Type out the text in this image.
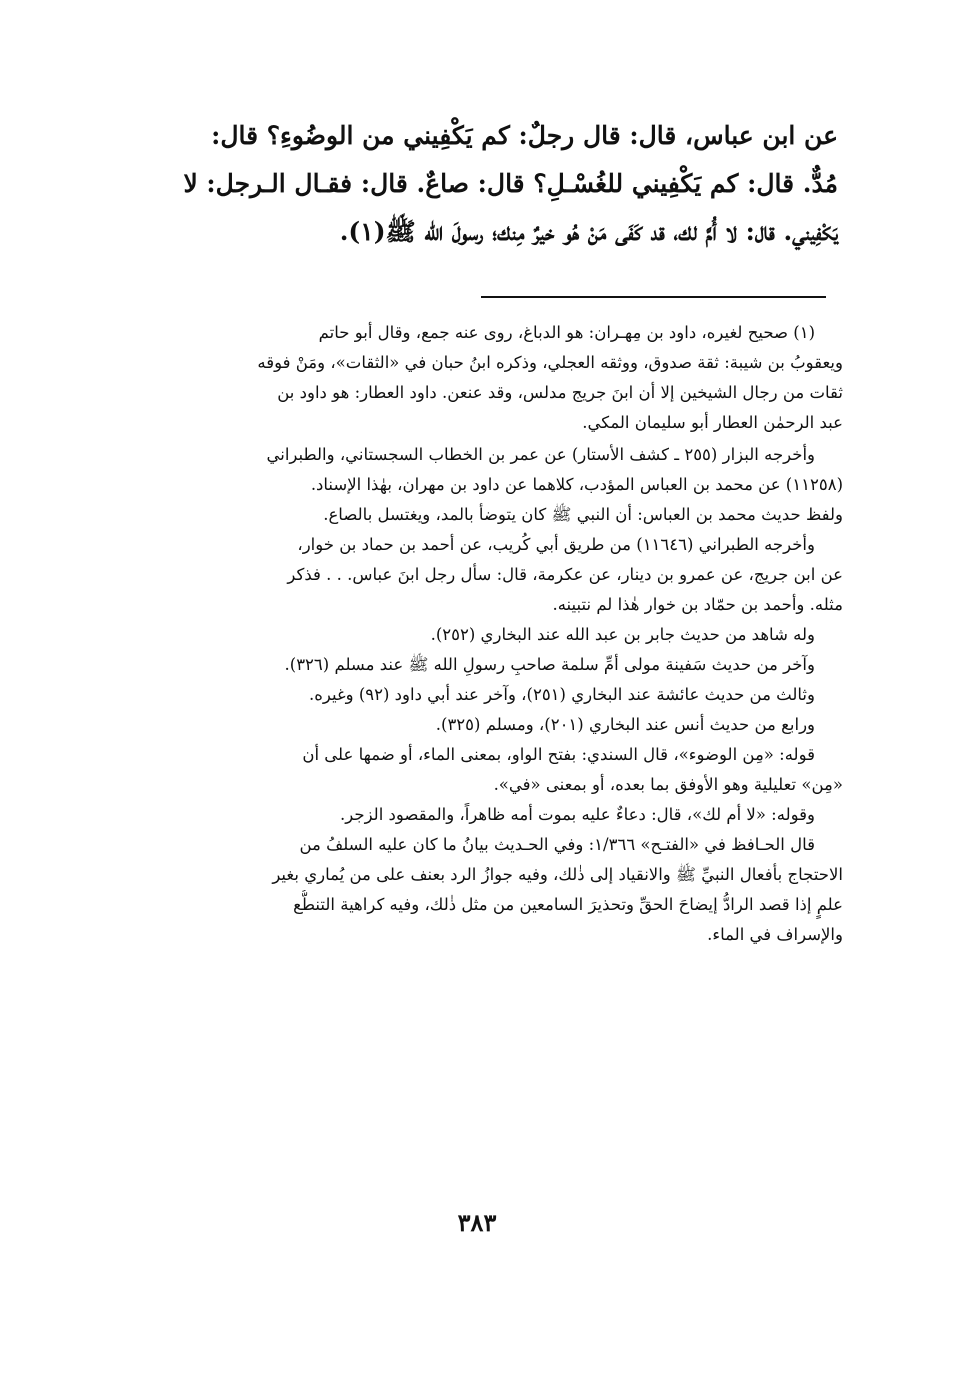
عن ابن عباس، قال: قال رجلٌ: كم يَكْفِيني من الوضُوءِ؟ قال:
مُدٌّ. قال: كم يَكْفِيني للغُسْـلِ؟ قال: صاعٌ. قال: فقـال الـرجل: لا
يَكْفِيني. قال: لا أُمَّ لك، قد كَفَى مَنْ هُو خيرٌ مِنك؛ رسولَ الله ﷺ(١).
(١) صحيح لغيره، داود بن مِهـران: هو الدباغ، روى عنه جمع، وقال أبو حاتم
ويعقوبُ بن شيبة: ثقة صدوق، ووثقه العجلي، وذكره ابنُ حبان في «الثقات»، ومَنْ فوقه
ثقات من رجال الشيخين إلا أن ابنَ جريج مدلس، وقد عنعن. داود العطار: هو داود بن
عبد الرحمٰن العطار أبو سليمان المكي.
وأخرجه البزار (٢٥٥ ـ كشف الأستار) عن عمر بن الخطاب السجستاني، والطبراني
(١١٢٥٨) عن محمد بن العباس المؤدب، كلاهما عن داود بن مهران، بهٰذا الإسناد.
ولفظ حديث محمد بن العباس: أن النبي ﷺ كان يتوضأ بالمد، ويغتسل بالصاع.
وأخرجه الطبراني (١١٦٤٦) من طريق أبي كُريب، عن أحمد بن حماد بن خوار،
عن ابن جريج، عن عمرو بن دينار، عن عكرمة، قال: سأل رجل ابنَ عباس. . . فذكر
مثله. وأحمد بن حمّاد بن خوار هٰذا لم نتبينه.
وله شاهد من حديث جابر بن عبد الله عند البخاري (٢٥٢).
وآخر من حديث سَفينة مولى أمِّ سلمة صاحبِ رسولِ الله ﷺ عند مسلم (٣٢٦).
وثالث من حديث عائشة عند البخاري (٢٥١)، وآخر عند أبي داود (٩٢) وغيره.
ورابع من حديث أنس عند البخاري (٢٠١)، ومسلم (٣٢٥).
قوله: «مِن الوضوء»، قال السندي: بفتح الواو، بمعنى الماء، أو ضمها على أن
«مِن» تعليلية وهو الأوفق بما بعده، أو بمعنى «في».
وقوله: «لا أم لك»، قال: دعاءٌ عليه بموت أمه ظاهراً، والمقصود الزجر.
قال الحـافظ في «الفتـح» ١/٣٦٦: وفي الحـديث بيانُ ما كان عليه السلفُ من
الاحتجاج بأفعال النبيِّ ﷺ والانقياد إلى ذٰلك، وفيه جوازُ الرد بعنف على من يُماري بغير
علمٍ إذا قصد الرادُّ إيضاحَ الحقِّ وتحذيرَ السامعين من مثل ذٰلك، وفيه كراهية التنطُّع
والإسراف في الماء.
٣٨٣
